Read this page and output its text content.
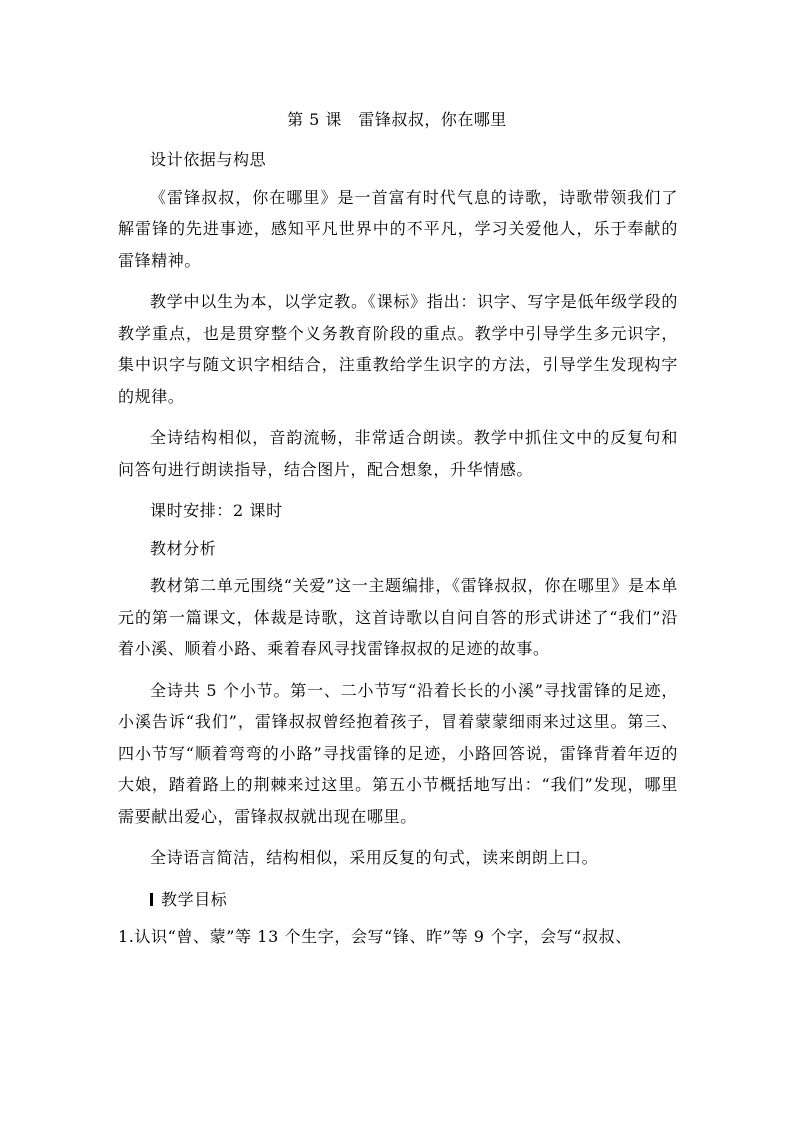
第 5 课　雷锋叔叔，你在哪里

设计依据与构思

《雷锋叔叔，你在哪里》是一首富有时代气息的诗歌，诗歌带领我们了解雷锋的先进事迹，感知平凡世界中的不平凡，学习关爱他人，乐于奉献的雷锋精神。

教学中以生为本，以学定教。《课标》指出：识字、写字是低年级学段的教学重点，也是贯穿整个义务教育阶段的重点。教学中引导学生多元识字，集中识字与随文识字相结合，注重教给学生识字的方法，引导学生发现构字的规律。

全诗结构相似，音韵流畅，非常适合朗读。教学中抓住文中的反复句和问答句进行朗读指导，结合图片，配合想象，升华情感。

课时安排：2 课时

教材分析

教材第二单元围绕“关爱”这一主题编排，《雷锋叔叔，你在哪里》是本单元的第一篇课文，体裁是诗歌，这首诗歌以自问自答的形式讲述了“我们”沿着小溪、顺着小路、乘着春风寻找雷锋叔叔的足迹的故事。

全诗共 5 个小节。第一、二小节写“沿着长长的小溪”寻找雷锋的足迹，小溪告诉“我们”，雷锋叔叔曾经抱着孩子，冒着蒙蒙细雨来过这里。第三、四小节写“顺着弯弯的小路”寻找雷锋的足迹，小路回答说，雷锋背着年迈的大娘，踏着路上的荆棘来过这里。第五小节概括地写出：“我们”发现，哪里需要献出爱心，雷锋叔叔就出现在哪里。

全诗语言简洁，结构相似，采用反复的句式，读来朗朗上口。

教学目标

1.认识“曾、蒙”等 13 个生字，会写“锋、昨”等 9 个字，会写“叔叔、
